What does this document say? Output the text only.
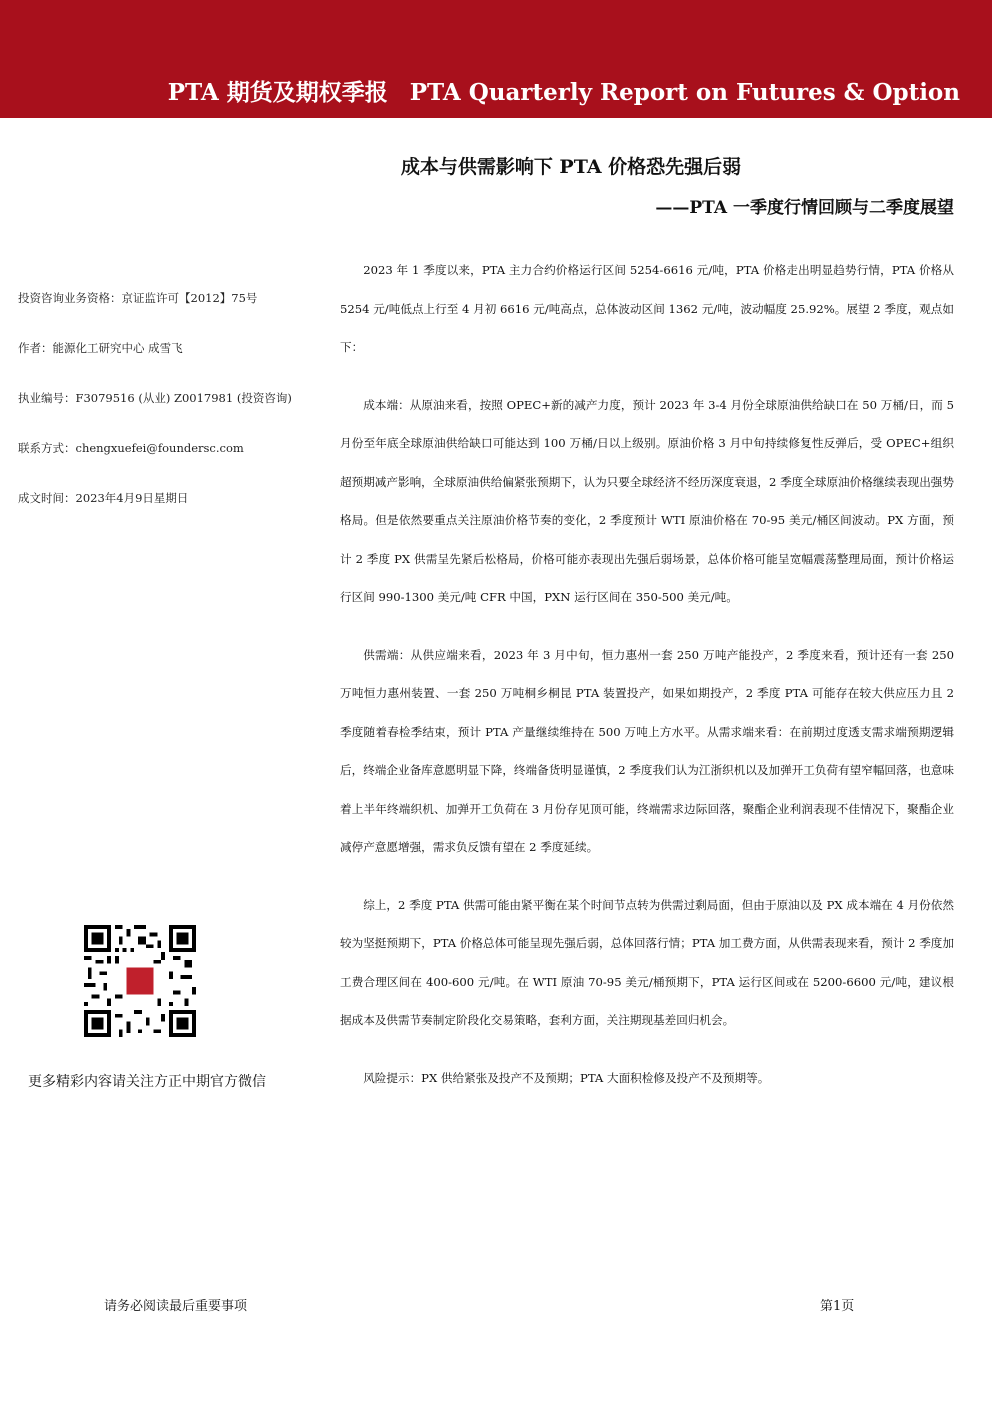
PTA 期货及期权季报 PTA Quarterly Report on Futures & Option
成本与供需影响下 PTA 价格恐先强后弱
——PTA 一季度行情回顾与二季度展望
投资咨询业务资格：京证监许可【2012】75号
作者：能源化工研究中心 成雪飞
执业编号：F3079516 (从业) Z0017981 (投资咨询)
联系方式：chengxuefei@foundersc.com
成文时间：2023年4月9日星期日
更多精彩内容请关注方正中期官方微信

2023 年 1 季度以来，PTA 主力合约价格运行区间 5254-6616 元/吨，PTA 价格走出明显趋势行情，PTA 价格从 5254 元/吨低点上行至 4 月初 6616 元/吨高点，总体波动区间 1362 元/吨，波动幅度 25.92%。展望 2 季度，观点如下：

成本端：从原油来看，按照 OPEC+新的减产力度，预计 2023 年 3-4 月份全球原油供给缺口在 50 万桶/日，而 5 月份至年底全球原油供给缺口可能达到 100 万桶/日以上级别。原油价格 3 月中旬持续修复性反弹后，受 OPEC+组织超预期减产影响，全球原油供给偏紧张预期下，认为只要全球经济不经历深度衰退，2 季度全球原油价格继续表现出强势格局。但是依然要重点关注原油价格节奏的变化，2 季度预计 WTI 原油价格在 70-95 美元/桶区间波动。PX 方面，预计 2 季度 PX 供需呈先紧后松格局，价格可能亦表现出先强后弱场景，总体价格可能呈宽幅震荡整理局面，预计价格运行区间 990-1300 美元/吨 CFR 中国，PXN 运行区间在 350-500 美元/吨。

供需端：从供应端来看，2023 年 3 月中旬，恒力惠州一套 250 万吨产能投产，2 季度来看，预计还有一套 250 万吨恒力惠州装置、一套 250 万吨桐乡桐昆 PTA 装置投产，如果如期投产，2 季度 PTA 可能存在较大供应压力且 2 季度随着春检季结束，预计 PTA 产量继续维持在 500 万吨上方水平。从需求端来看：在前期过度透支需求端预期逻辑后，终端企业备库意愿明显下降，终端备货明显谨慎，2 季度我们认为江浙织机以及加弹开工负荷有望窄幅回落，也意味着上半年终端织机、加弹开工负荷在 3 月份存见顶可能，终端需求边际回落，聚酯企业利润表现不佳情况下，聚酯企业减停产意愿增强，需求负反馈有望在 2 季度延续。

综上，2 季度 PTA 供需可能由紧平衡在某个时间节点转为供需过剩局面，但由于原油以及 PX 成本端在 4 月份依然较为坚挺预期下，PTA 价格总体可能呈现先强后弱，总体回落行情；PTA 加工费方面，从供需表现来看，预计 2 季度加工费合理区间在 400-600 元/吨。在 WTI 原油 70-95 美元/桶预期下，PTA 运行区间或在 5200-6600 元/吨，建议根据成本及供需节奏制定阶段化交易策略，套利方面，关注期现基差回归机会。

风险提示：PX 供给紧张及投产不及预期；PTA 大面积检修及投产不及预期等。

请务必阅读最后重要事项	第1页
